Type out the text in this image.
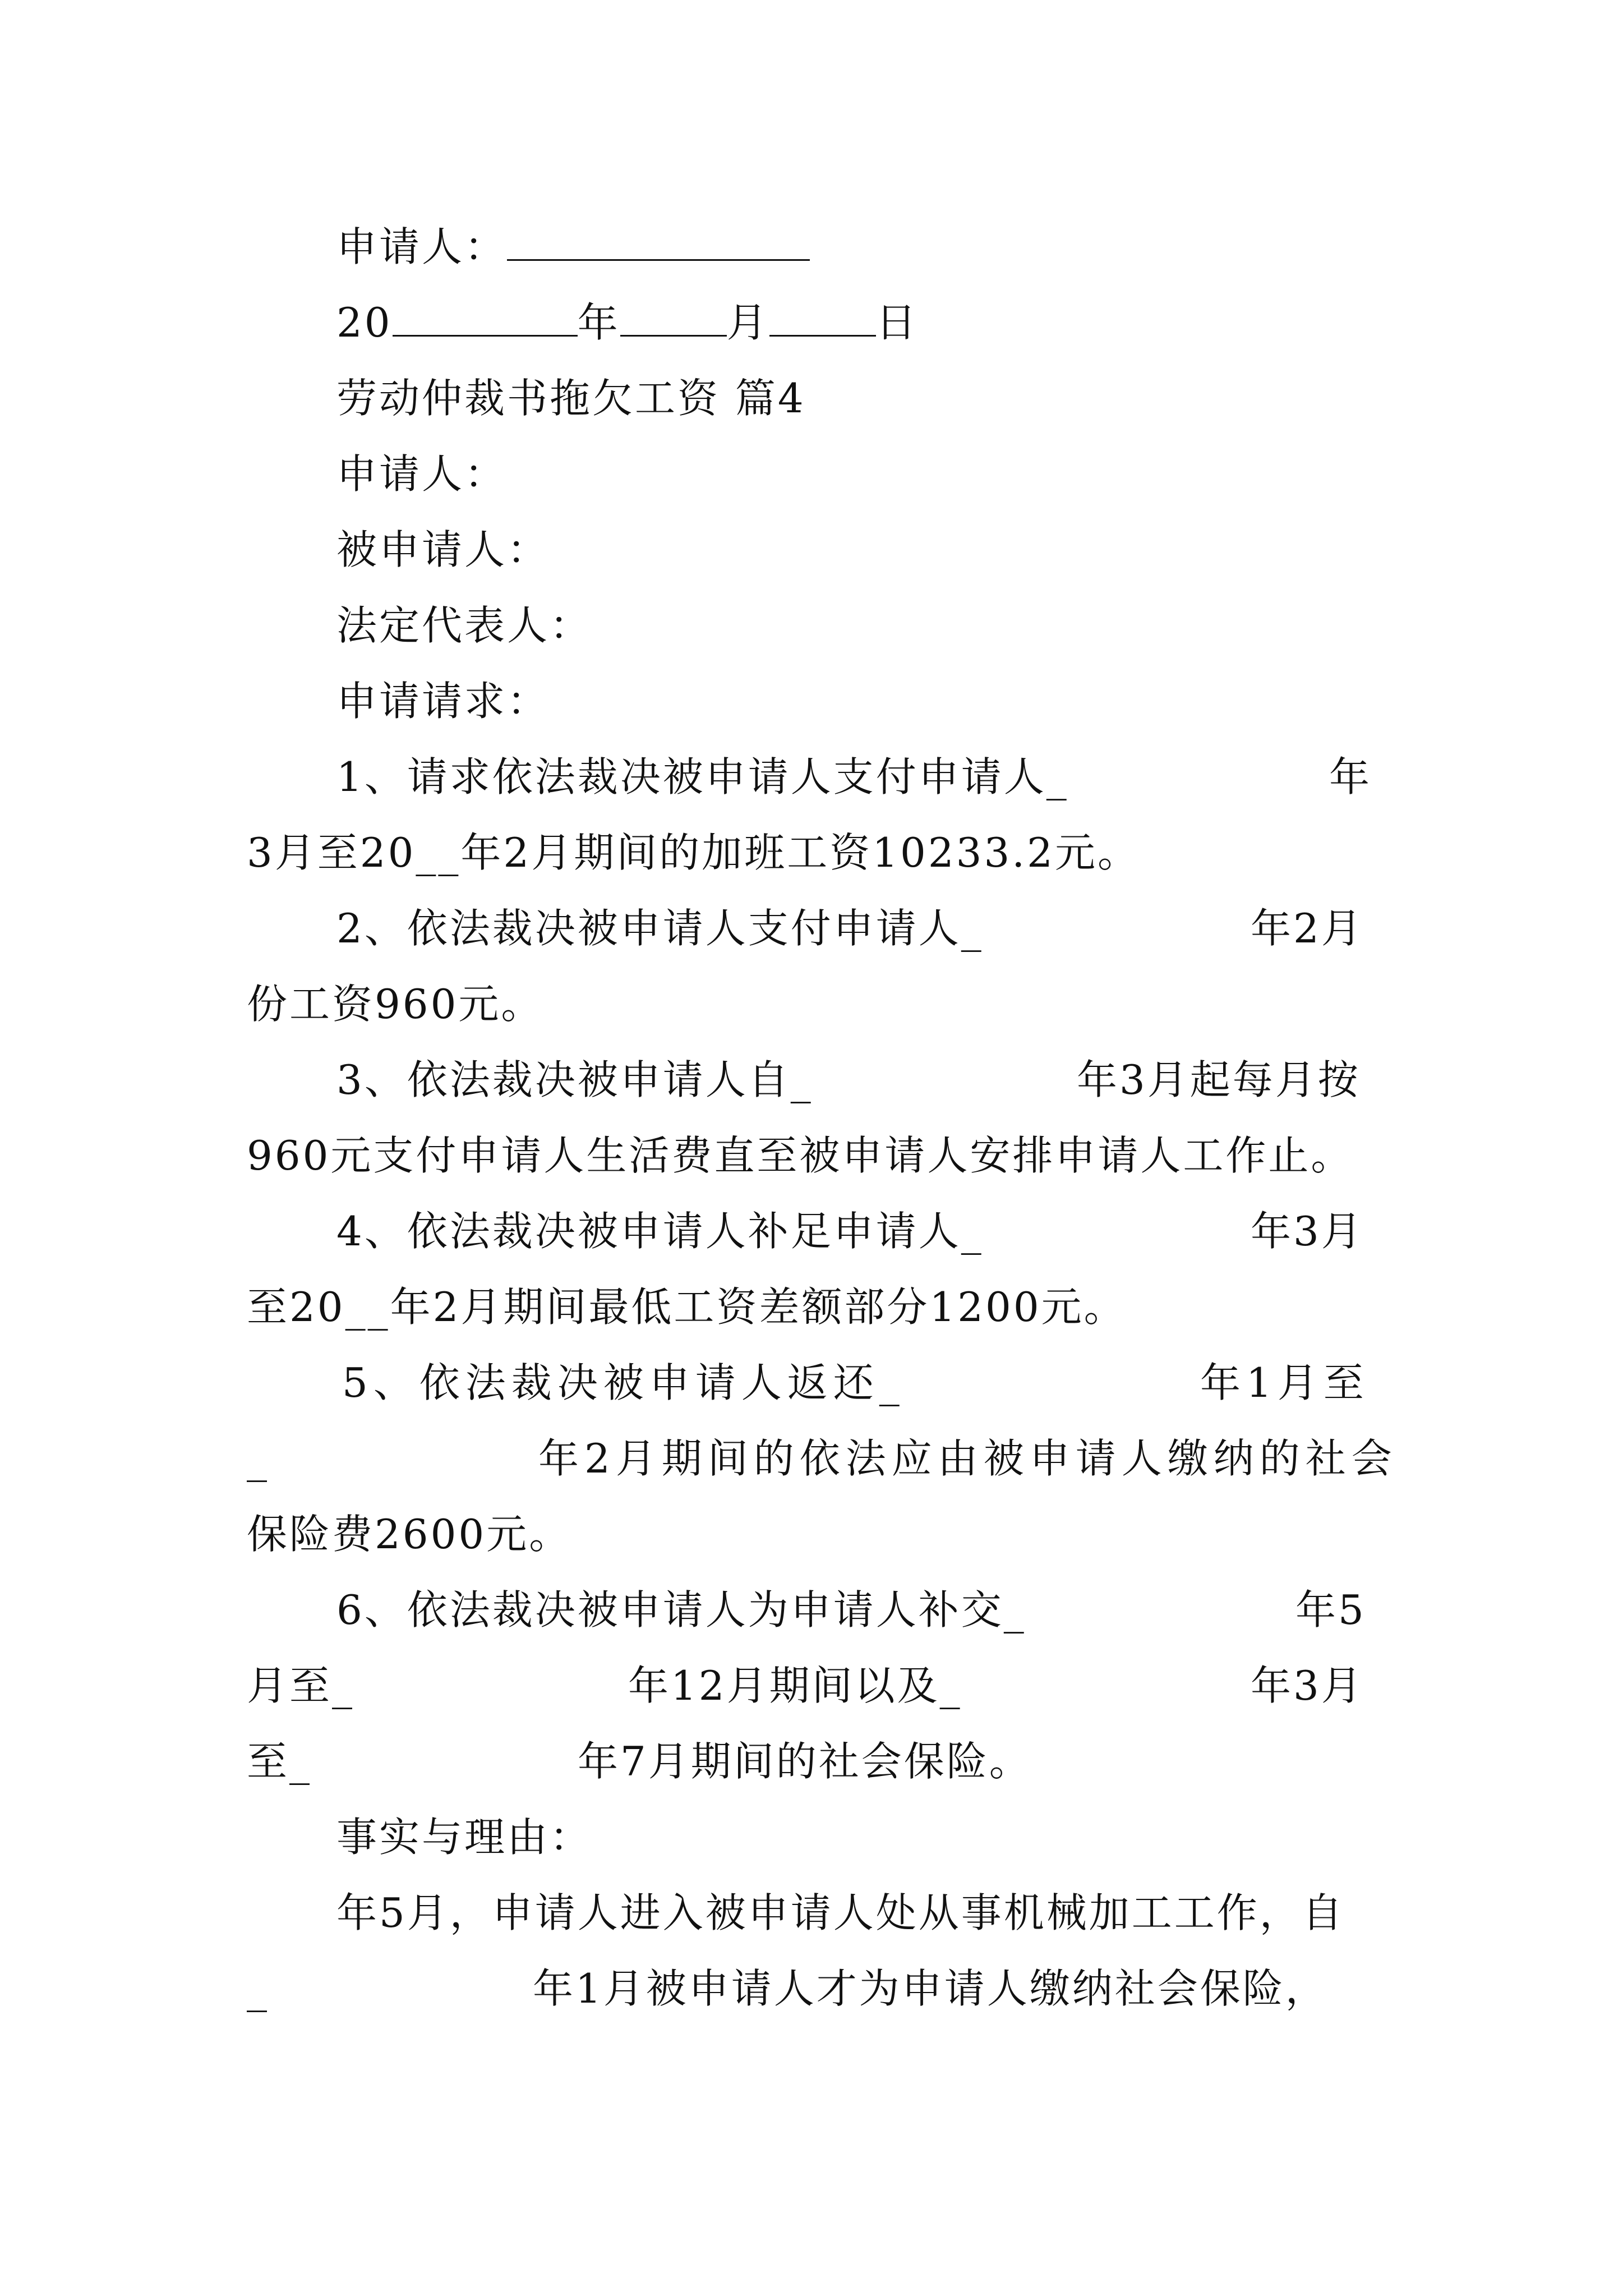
申请人：
20	年	月	日
劳动仲裁书拖欠工资 篇4
申请人：
被申请人：
法定代表人：
申请请求：
1、请求依法裁决被申请人支付申请人_	年
3月至20__年2月期间的加班工资10233.2元。
2、依法裁决被申请人支付申请人_	年2月
份工资960元。
3、依法裁决被申请人自_	年3月起每月按
960元支付申请人生活费直至被申请人安排申请人工作止。
4、依法裁决被申请人补足申请人_	年3月
至20__年2月期间最低工资差额部分1200元。
5、依法裁决被申请人返还_	年1月至
_	年2月期间的依法应由被申请人缴纳的社会
保险费2600元。
6、依法裁决被申请人为申请人补交_	年5
月至_	年12月期间以及_	年3月
至_	年7月期间的社会保险。
事实与理由：
年5月，申请人进入被申请人处从事机械加工工作，自
_	年1月被申请人才为申请人缴纳社会保险，
